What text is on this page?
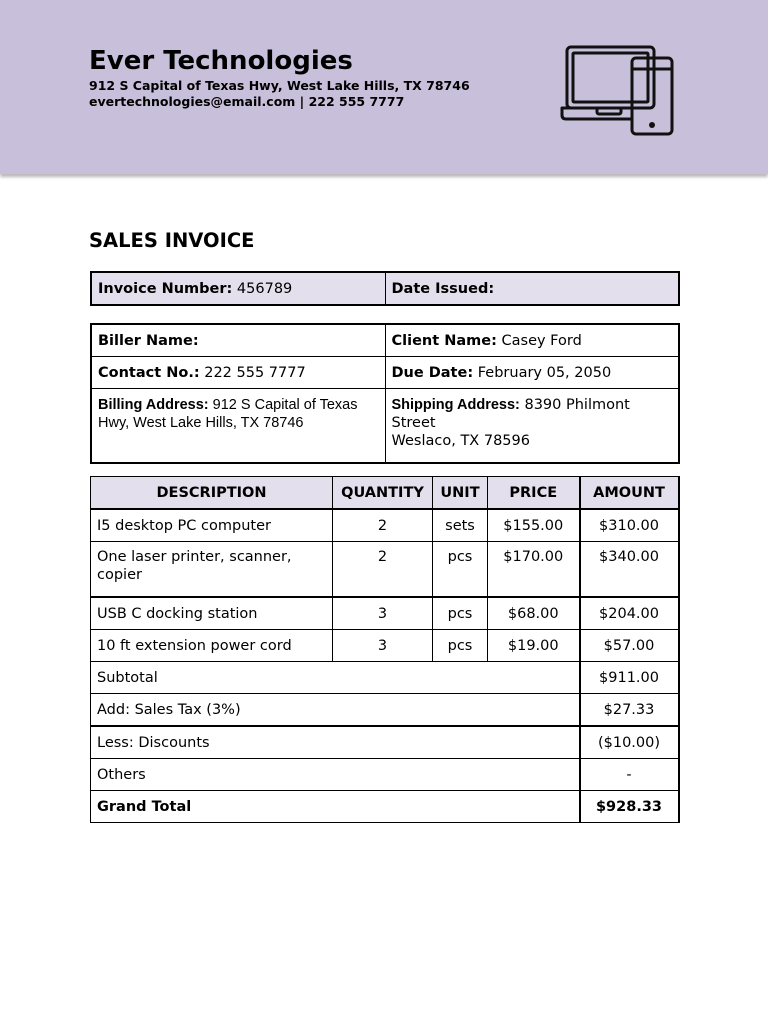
Ever Technologies
912 S Capital of Texas Hwy, West Lake Hills, TX 78746
evertechnologies@email.com | 222 555 7777
SALES INVOICE
Invoice Number: 456789	Date Issued:
Biller Name:	Client Name: Casey Ford
Contact No.: 222 555 7777	Due Date: February 05, 2050
Billing Address: 912 S Capital of Texas Hwy, West Lake Hills, TX 78746	Shipping Address: 8390 Philmont Street
Weslaco, TX 78596
DESCRIPTION	QUANTITY	UNIT	PRICE	AMOUNT
I5 desktop PC computer	2	sets	$155.00	$310.00
One laser printer, scanner, copier	2	pcs	$170.00	$340.00
USB C docking station	3	pcs	$68.00	$204.00
10 ft extension power cord	3	pcs	$19.00	$57.00
Subtotal				$911.00
Add: Sales Tax (3%)				$27.33
Less: Discounts				($10.00)
Others				-
Grand Total				$928.33
